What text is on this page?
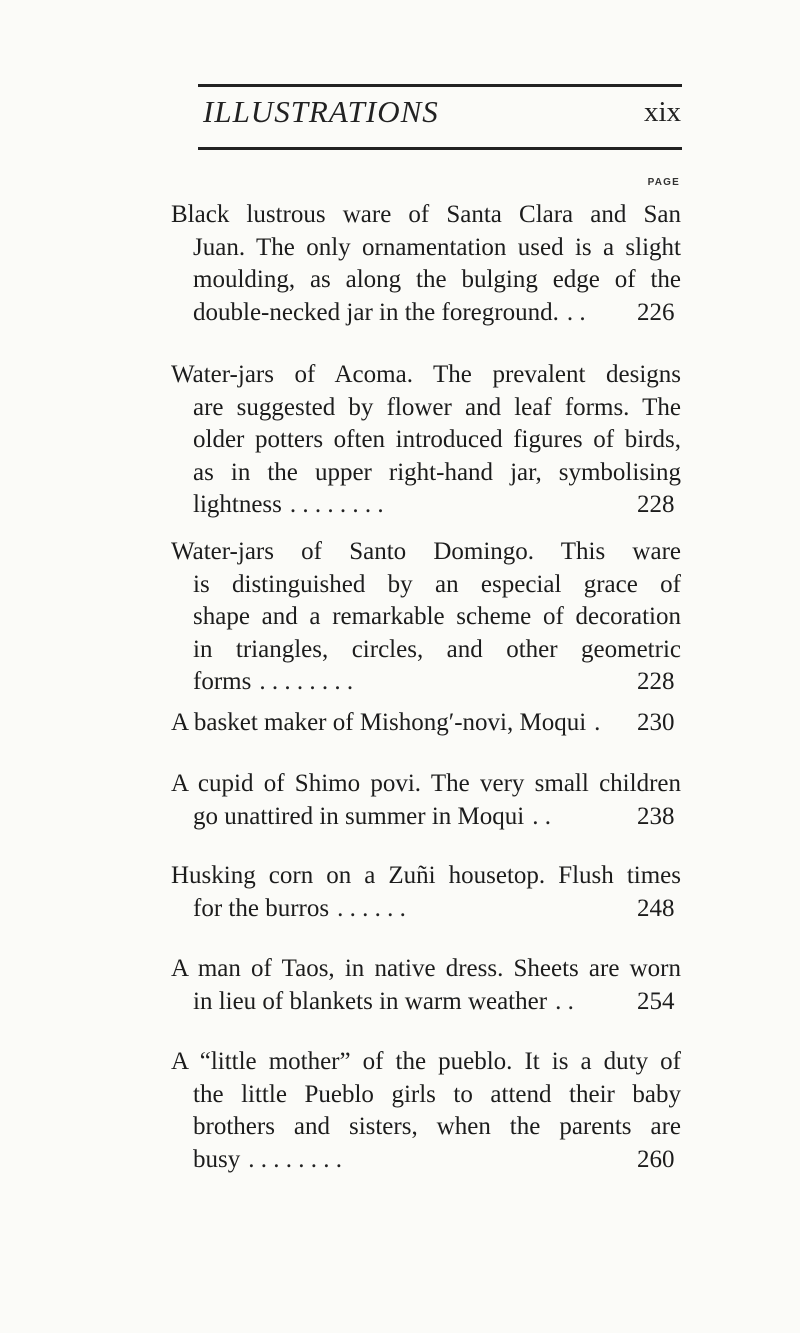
ILLUSTRATIONS	xix
PAGE
Black lustrous ware of Santa Clara and San
Juan. The only ornamentation used is a slight
moulding, as along the bulging edge of the
double-necked jar in the foreground. . .	226
Water-jars of Acoma. The prevalent designs
are suggested by flower and leaf forms. The
older potters often introduced figures of birds,
as in the upper right-hand jar, symbolising
lightness . . . . . . . .	228
Water-jars of Santo Domingo. This ware
is distinguished by an especial grace of
shape and a remarkable scheme of decoration
in triangles, circles, and other geometric
forms . . . . . . . .	228
A basket maker of Mishong′-novi, Moqui .	230
A cupid of Shimo povi. The very small children
go unattired in summer in Moqui . .	238
Husking corn on a Zuñi housetop. Flush times
for the burros . . . . . .	248
A man of Taos, in native dress. Sheets are worn
in lieu of blankets in warm weather . .	254
A “little mother” of the pueblo. It is a duty of
the little Pueblo girls to attend their baby
brothers and sisters, when the parents are
busy . . . . . . . .	260
